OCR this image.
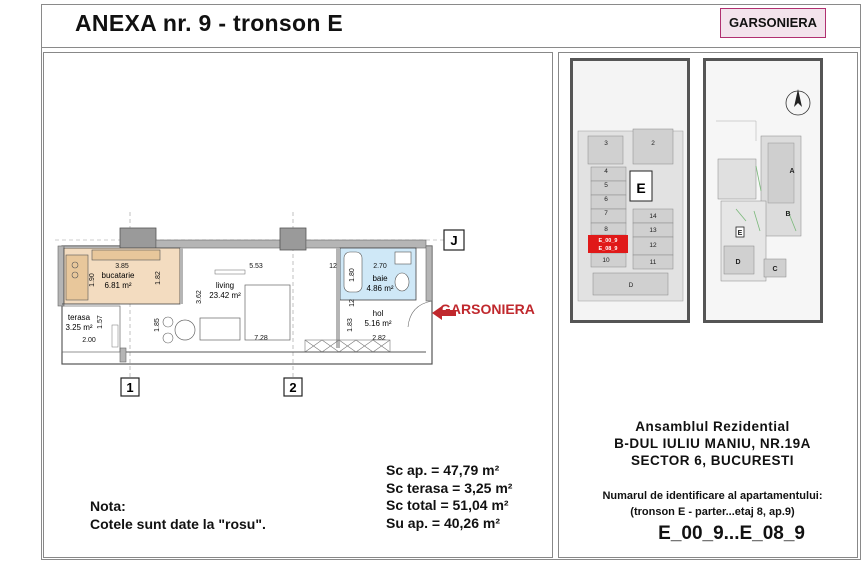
ANEXA nr. 9 - tronson E	GARSONIERA
J
1	2
bucatarie
6.81 m²	living
23.42 m²
baie
4.86 m²
hol
5.16 m²
terasa
3.25 m²
3.85	5.53	12	2.70
1.90	1.82
3.62
1.85
1.57
2.00	7.28
1.83
12
1.80
2.82
GARSONIERA
E
3	2
4
5
6
7	14
8	13
12
10	11
D
E_00_9
E_08_9
A
B
E
D
C
Ansamblul Rezidential
B-DUL IULIU MANIU, NR.19A
SECTOR 6, BUCURESTI
Numarul de identificare al apartamentului:
(tronson E - parter...etaj 8, ap.9)
E_00_9...E_08_9
Sc ap. = 47,79 m²
Sc terasa = 3,25 m²
Sc total = 51,04 m²
Su ap. = 40,26 m²
Nota:
Cotele sunt date la "rosu".
